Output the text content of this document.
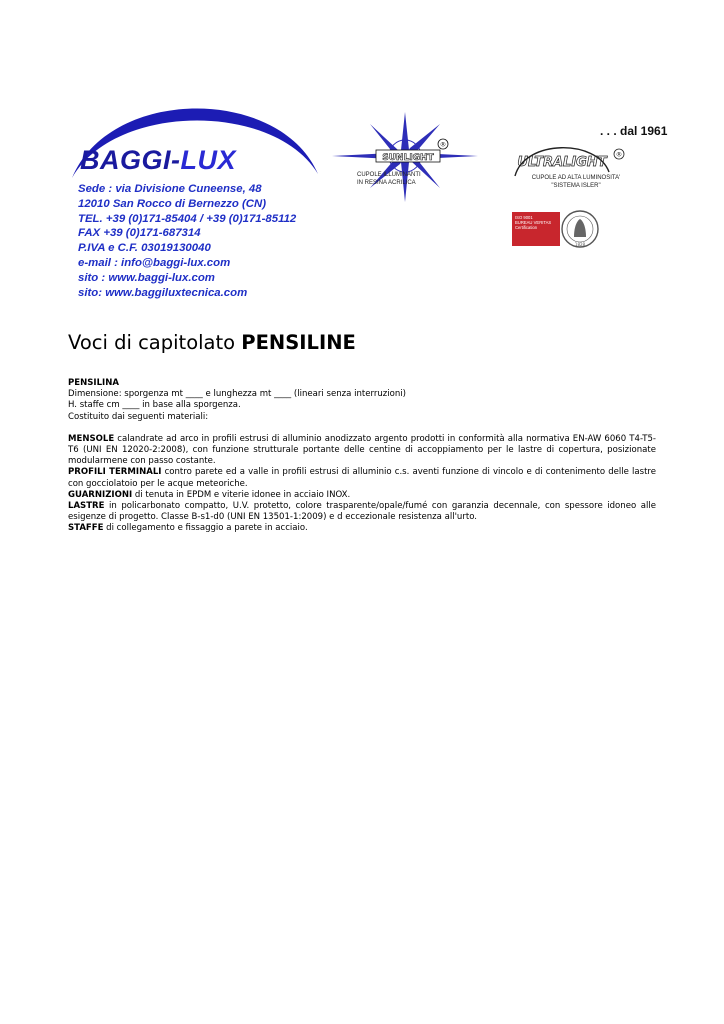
BAGGI-LUX
Sede : via Divisione Cuneense, 48
12010 San Rocco di Bernezzo (CN)
TEL. +39 (0)171-85404 / +39 (0)171-85112
FAX +39 (0)171-687314
P.IVA e C.F. 03019130040
e-mail : info@baggi-lux.com
sito : www.baggi-lux.com
sito: www.baggiluxtecnica.com
SUNLIGHT
®
CUPOLE ILLUMINANTI
IN RESINA ACRILICA
. . . dal 1961
ULTRALIGHT
®
CUPOLE AD ALTA LUMINOSITA'
"SISTEMA ISLER"
ISO 9001
BUREAU VERITAS
Certification
1828
Voci di capitolato PENSILINE

PENSILINA

Dimensione: sporgenza mt ____ e lunghezza mt ____ (lineari senza interruzioni)

H. staffe cm ____ in base alla sporgenza.

Costituito dai seguenti materiali:

MENSOLE calandrate ad arco in profili estrusi di alluminio anodizzato argento prodotti in conformità alla normativa EN-AW 6060 T4-T5-T6 (UNI EN 12020-2:2008), con funzione strutturale portante delle centine di accoppiamento per le lastre di copertura, posizionate modularmene con passo costante.

PROFILI TERMINALI contro parete ed a valle in profili estrusi di alluminio c.s. aventi funzione di vincolo e di contenimento delle lastre con gocciolatoio per le acque meteoriche.

GUARNIZIONI di tenuta in EPDM e viterie idonee in acciaio INOX.

LASTRE in policarbonato compatto, U.V. protetto, colore trasparente/opale/fumé con garanzia decennale, con spessore idoneo alle esigenze di progetto. Classe B-s1-d0 (UNI EN 13501-1:2009) e d eccezionale resistenza all'urto.

STAFFE di collegamento e fissaggio a parete in acciaio.
